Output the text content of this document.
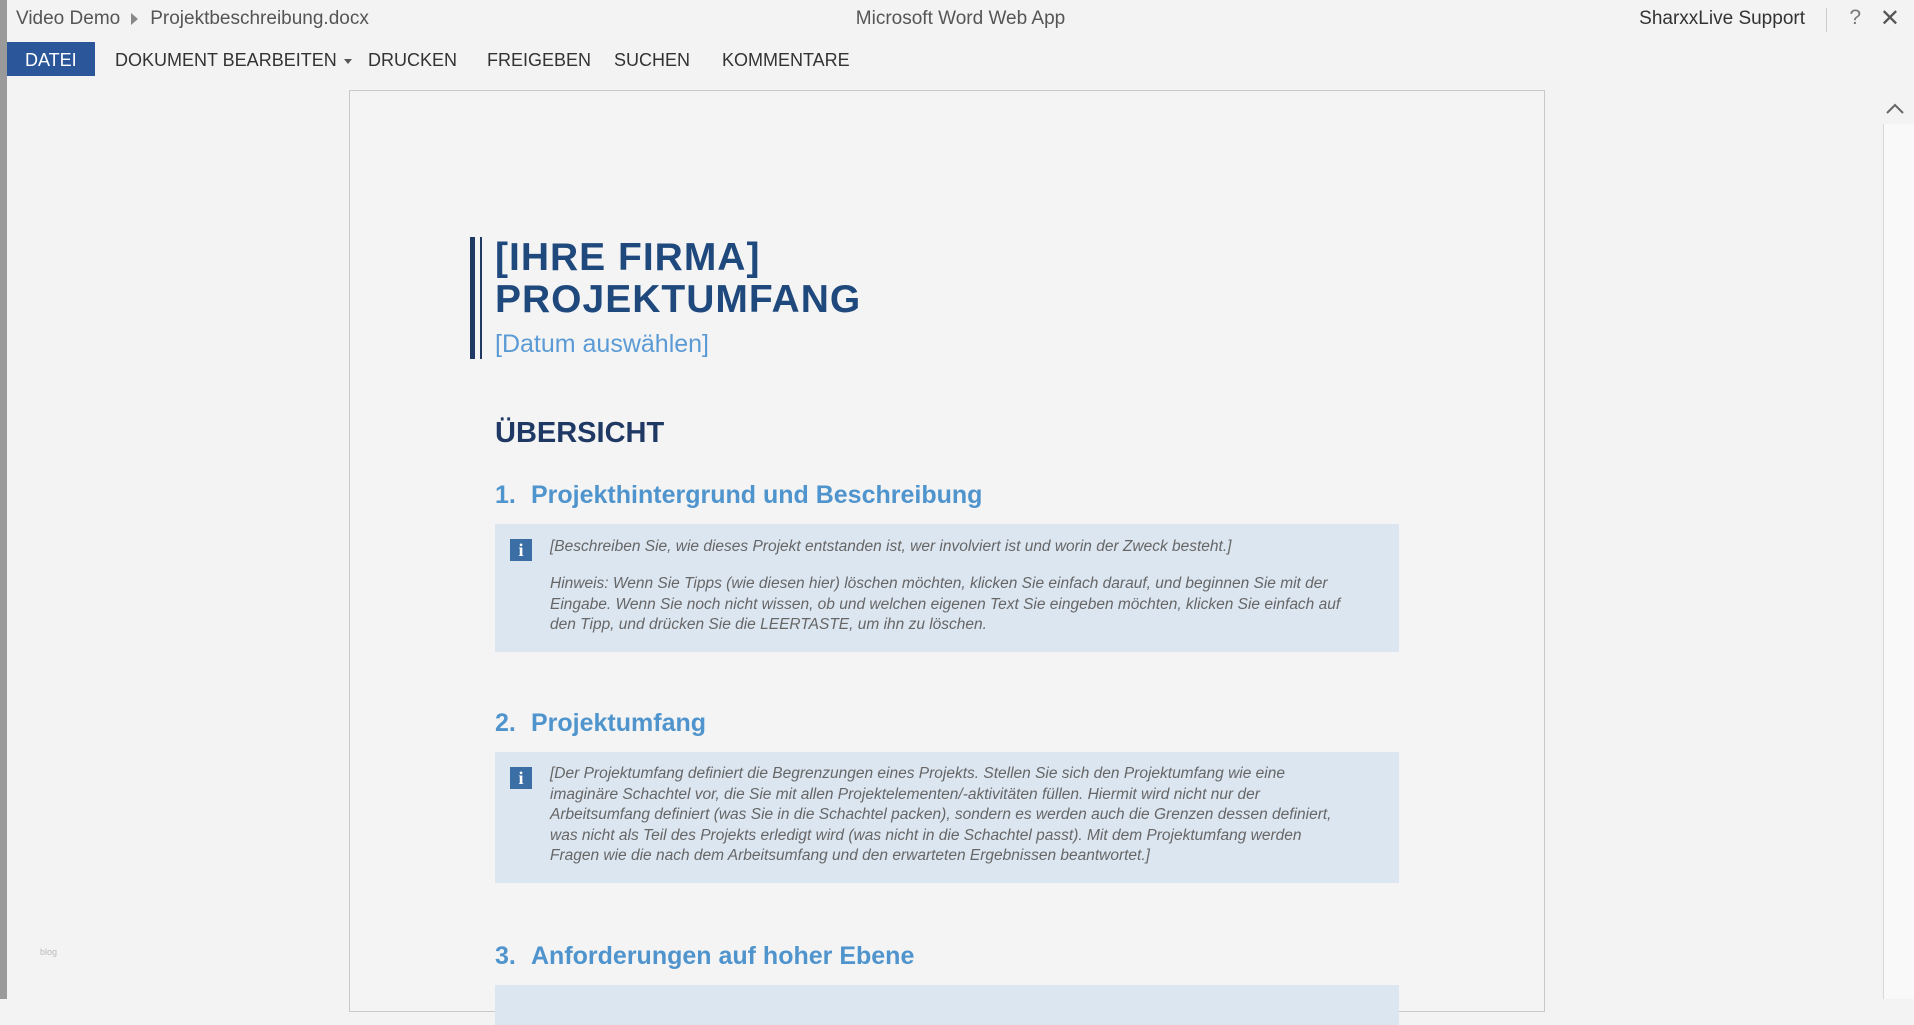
Video Demo Projektbeschreibung.docx	Microsoft Word Web App	SharxxLive Support ? ✕
DATEI	DOKUMENT BEARBEITEN	DRUCKEN FREIGEBEN SUCHEN KOMMENTARE
[IHRE FIRMA]
PROJEKTUMFANG
[Datum auswählen]
ÜBERSICHT
1. Projekthintergrund und Beschreibung
i	[Beschreiben Sie, wie dieses Projekt entstanden ist, wer involviert ist und worin der Zweck besteht.]

Hinweis: Wenn Sie Tipps (wie diesen hier) löschen möchten, klicken Sie einfach darauf, und beginnen Sie mit der Eingabe. Wenn Sie noch nicht wissen, ob und welchen eigenen Text Sie eingeben möchten, klicken Sie einfach auf den Tipp, und drücken Sie die LEERTASTE, um ihn zu löschen.

2. Projektumfang
i	[Der Projektumfang definiert die Begrenzungen eines Projekts. Stellen Sie sich den Projektumfang wie eine imaginäre Schachtel vor, die Sie mit allen Projektelementen/-aktivitäten füllen. Hiermit wird nicht nur der Arbeitsumfang definiert (was Sie in die Schachtel packen), sondern es werden auch die Grenzen dessen definiert, was nicht als Teil des Projekts erledigt wird (was nicht in die Schachtel passt). Mit dem Projektumfang werden Fragen wie die nach dem Arbeitsumfang und den erwarteten Ergebnissen beantwortet.]

3. Anforderungen auf hoher Ebene
blog
